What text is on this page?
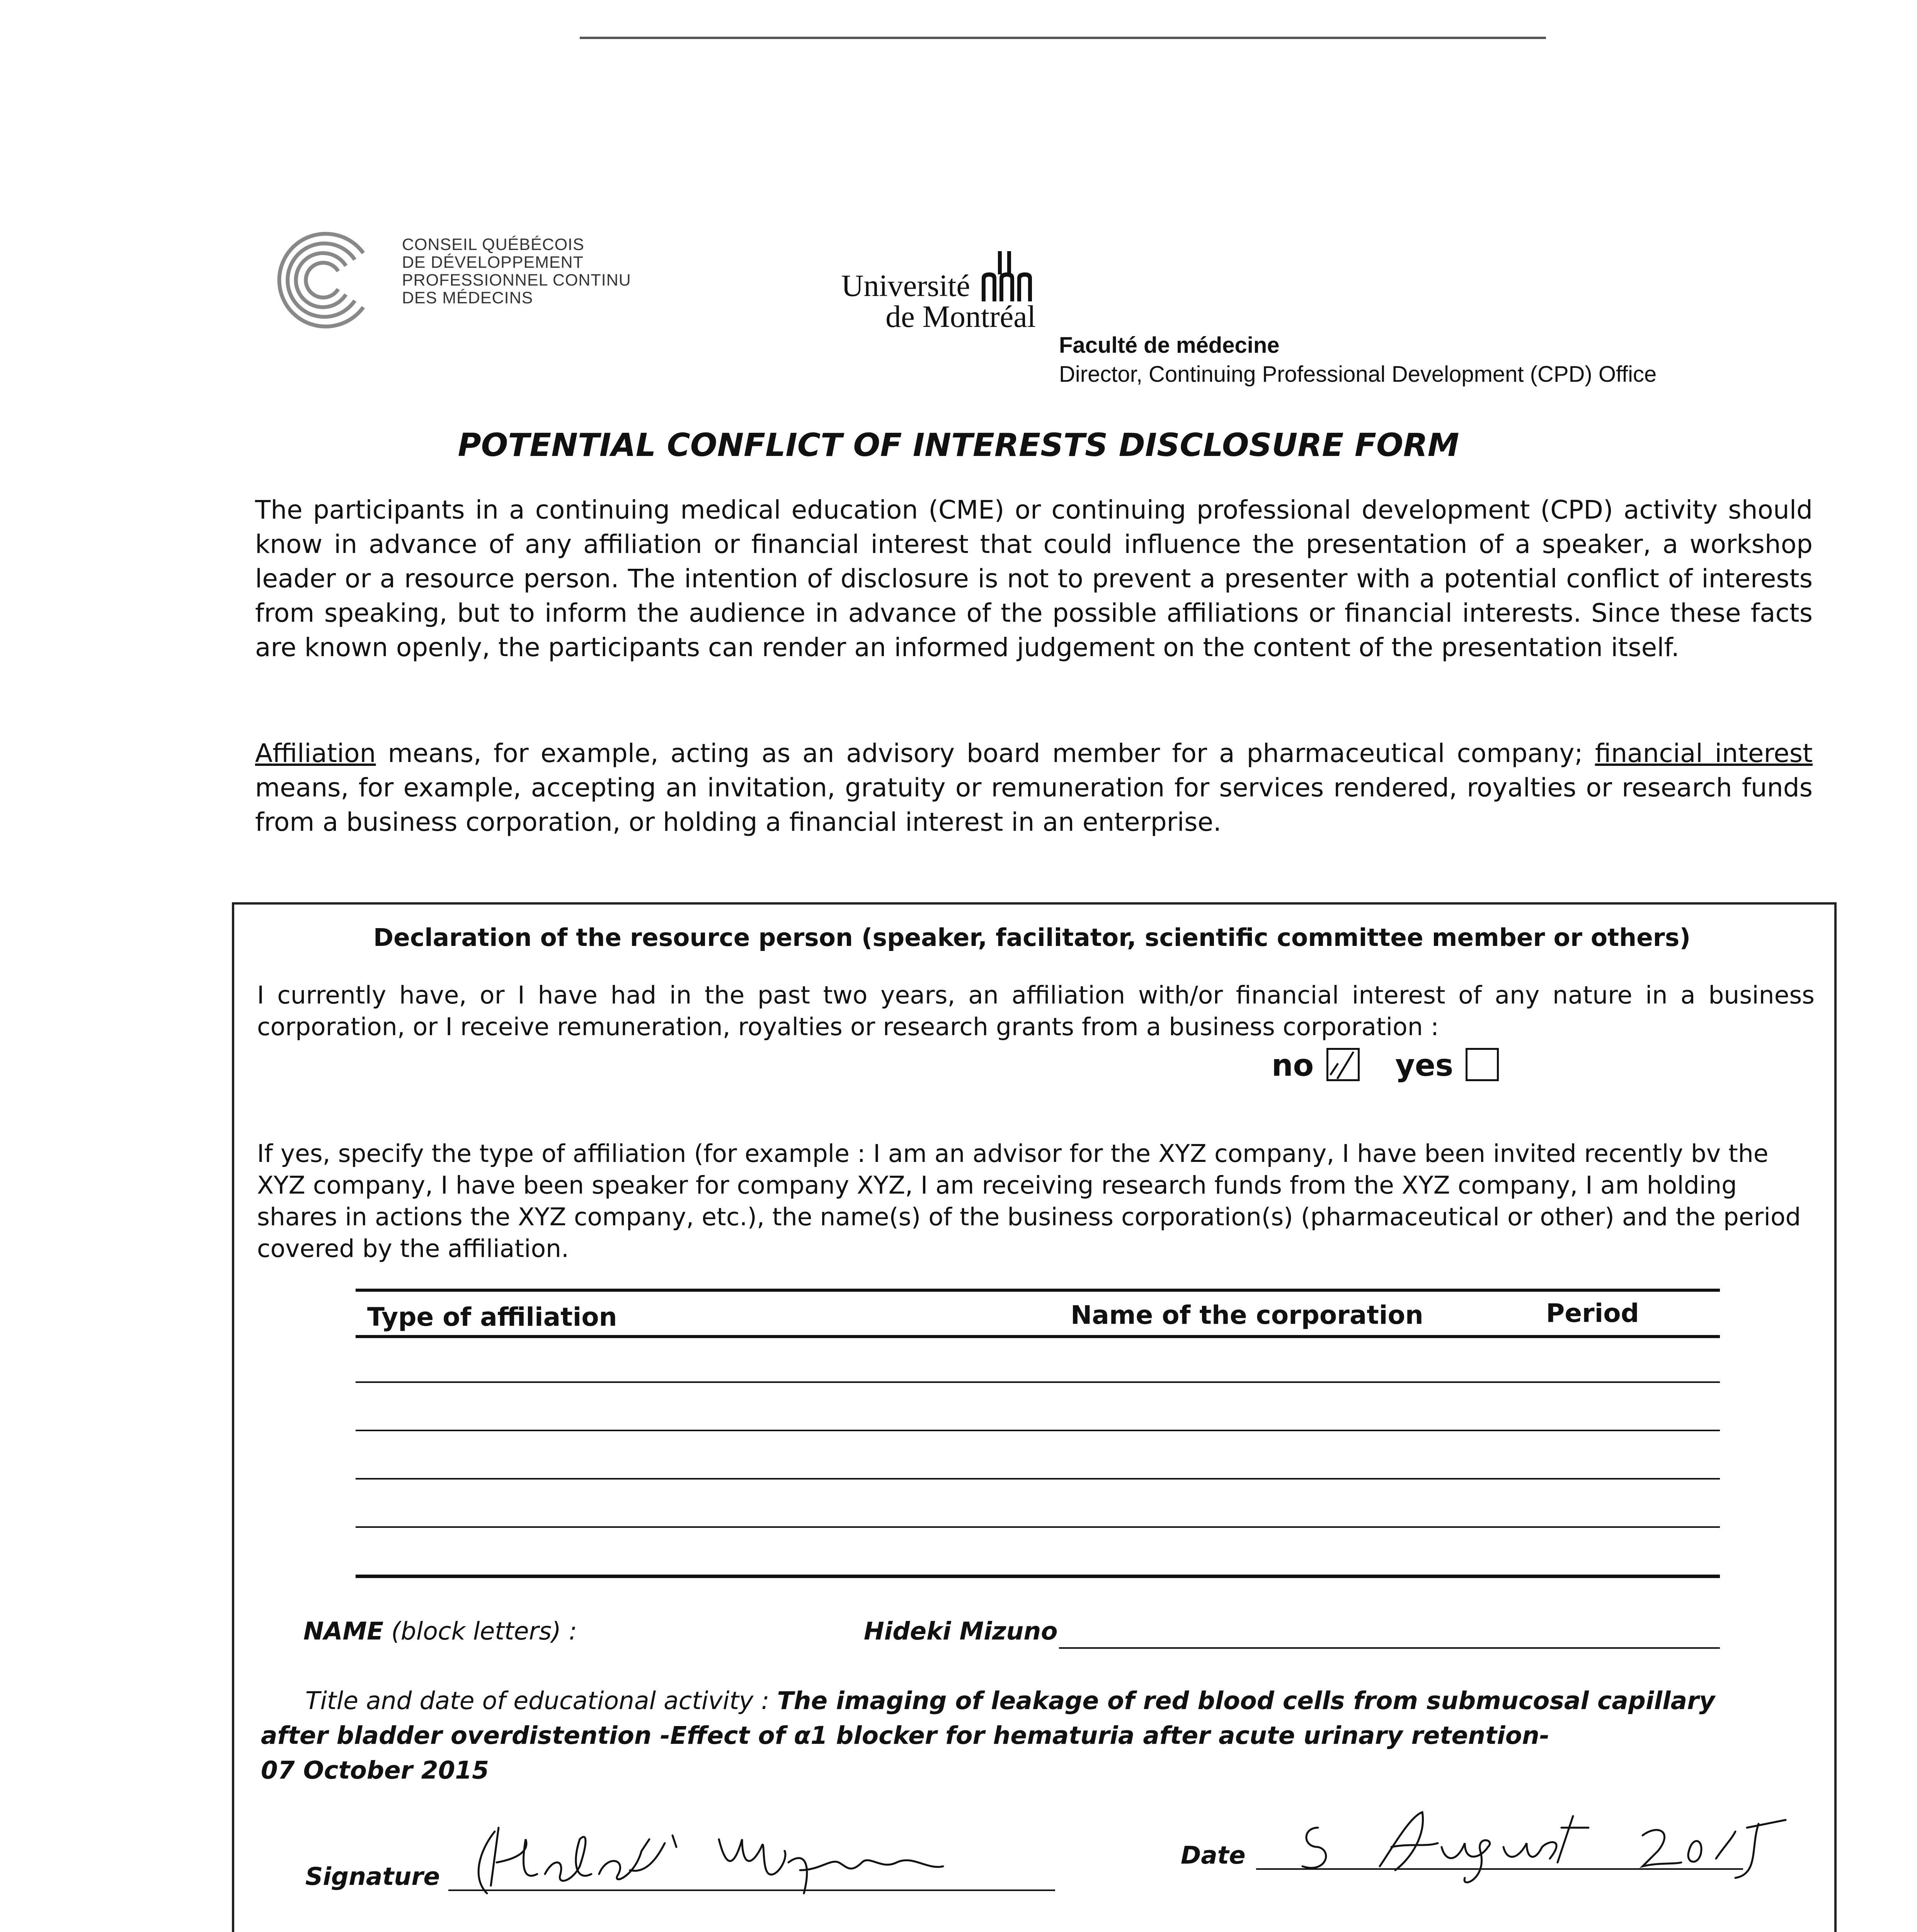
CONSEIL QUÉBÉCOIS
DE DÉVELOPPEMENT
PROFESSIONNEL CONTINU
DES MÉDECINS	Université
de Montréal
Faculté de médecine
Director, Continuing Professional Development (CPD) Office
POTENTIAL CONFLICT OF INTERESTS DISCLOSURE FORM
The participants in a continuing medical education (CME) or continuing professional development (CPD) activity should know in advance of any affiliation or financial interest that could influence the presentation of a speaker, a workshop leader or a resource person. The intention of disclosure is not to prevent a presenter with a potential conflict of interests from speaking, but to inform the audience in advance of the possible affiliations or financial interests. Since these facts are known openly, the participants can render an informed judgement on the content of the presentation itself.
Affiliation means, for example, acting as an advisory board member for a pharmaceutical company; financial interest means, for example, accepting an invitation, gratuity or remuneration for services rendered, royalties or research funds from a business corporation, or holding a financial interest in an enterprise.
Declaration of the resource person (speaker, facilitator, scientific committee member or others)
I currently have, or I have had in the past two years, an affiliation with/or financial interest of any nature in a business corporation, or I receive remuneration, royalties or research grants from a business corporation :
no	yes
If yes, specify the type of affiliation (for example : I am an advisor for the XYZ company, I have been invited recently bv the XYZ company, I have been speaker for company XYZ, I am receiving research funds from the XYZ company, I am holding shares in actions the XYZ company, etc.), the name(s) of the business corporation(s) (pharmaceutical or other) and the period covered by the affiliation.
Type of affiliation	Name of the corporation	Period
NAME (block letters) :	Hideki Mizuno
Title and date of educational activity : The imaging of leakage of red blood cells from submucosal capillary
after bladder overdistention -Effect of α1 blocker for hematuria after acute urinary retention-
07 October 2015
Signature
Date
